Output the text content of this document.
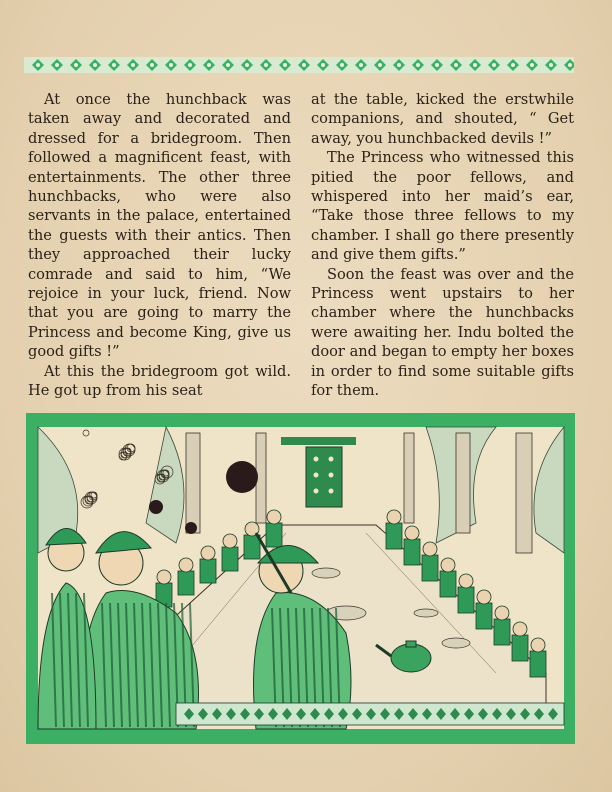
At once the hunchback was taken away and decorated and dressed for a bridegroom. Then followed a magnificent feast, with entertainments. The other three hunchbacks, who were also servants in the palace, entertained the guests with their antics. Then they approached their lucky comrade and said to him, “We rejoice in your luck, friend. Now that you are going to marry the Princess and become King, give us good gifts !”

At this the bridegroom got wild. He got up from his seat

at the table, kicked the erstwhile companions, and shouted, “ Get away, you hunchbacked devils !”

The Princess who witnessed this pitied the poor fellows, and whispered into her maid’s ear, “Take those three fellows to my chamber. I shall go there presently and give them gifts.”

Soon the feast was over and the Princess went upstairs to her chamber where the hunchbacks were awaiting her. Indu bolted the door and began to empty her boxes in order to find some suitable gifts for them.
